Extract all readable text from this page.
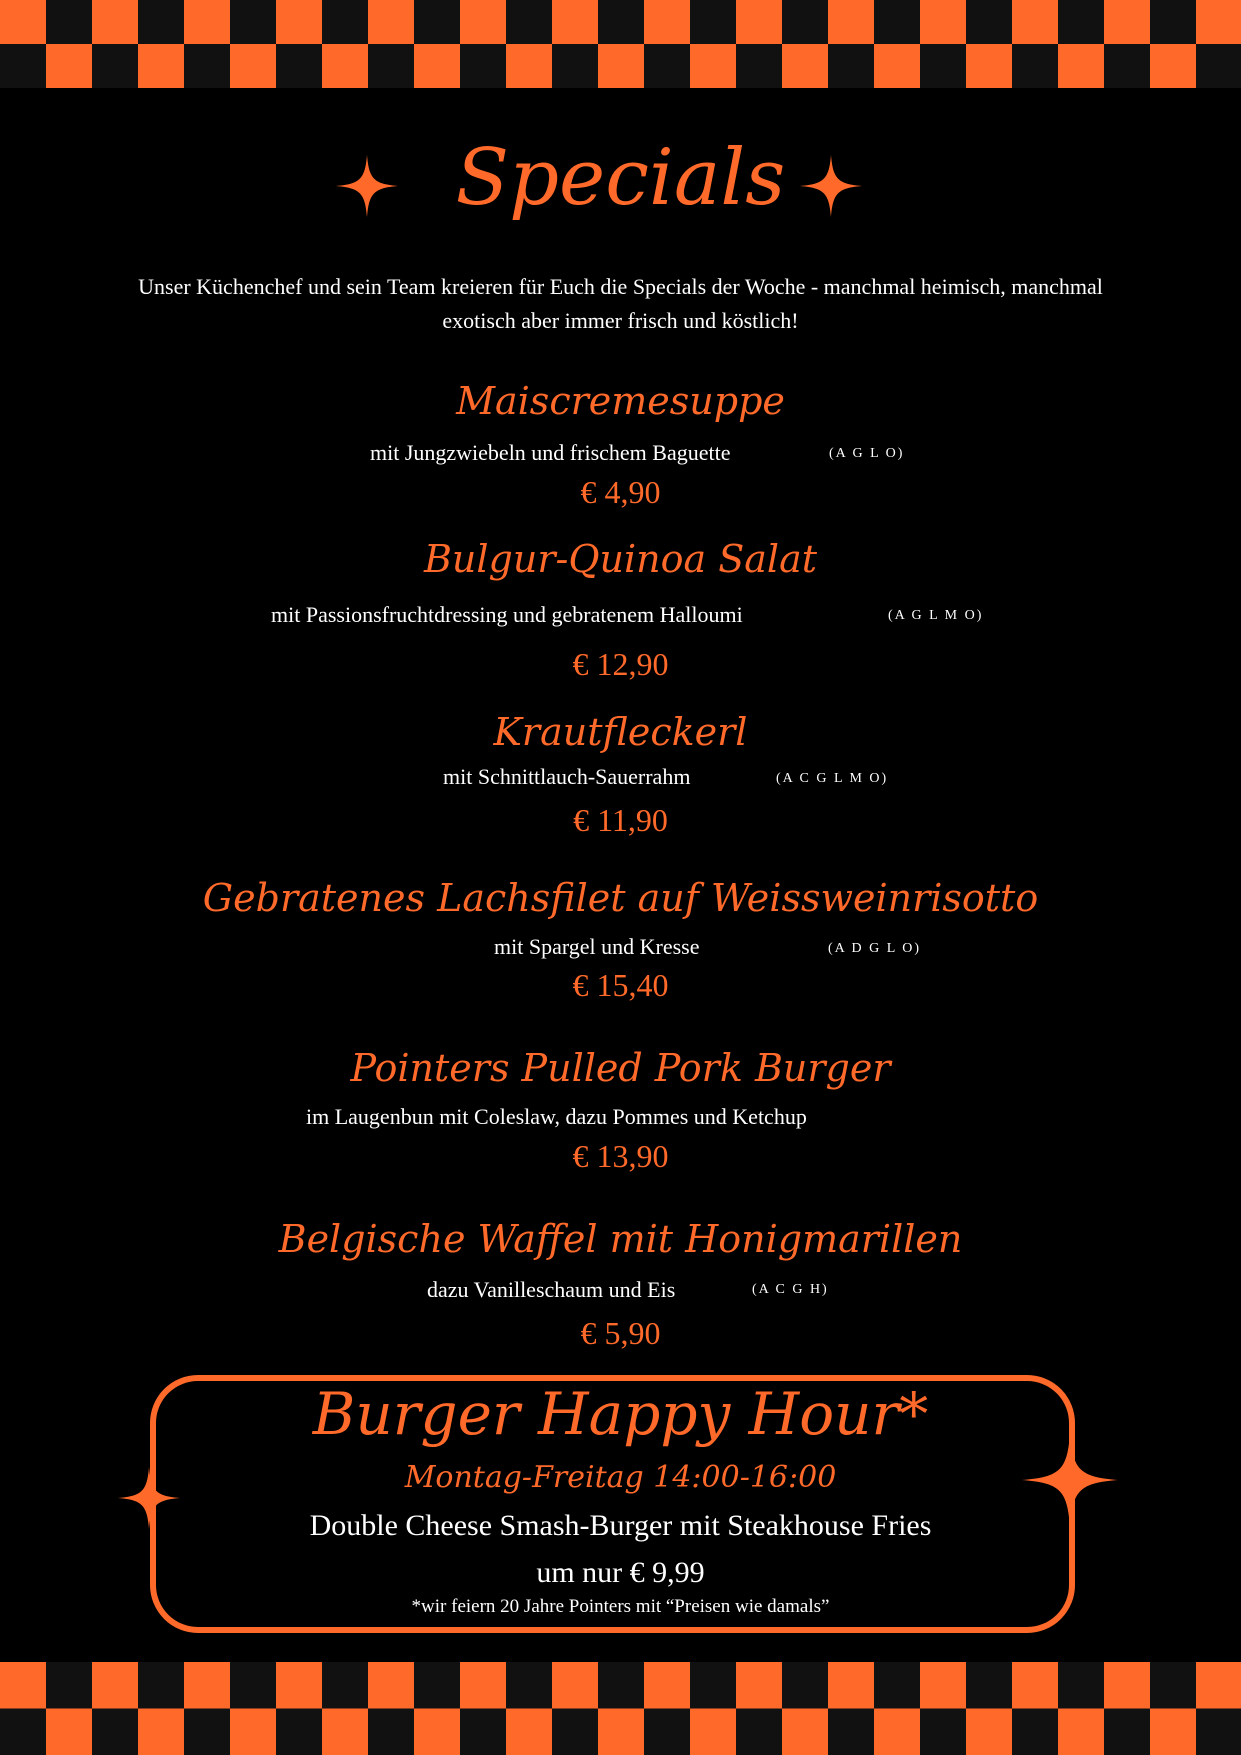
Specials
Unser Küchenchef und sein Team kreieren für Euch die Specials der Woche - manchmal heimisch, manchmal exotisch aber immer frisch und köstlich!
Maiscremesuppe
mit Jungzwiebeln und frischem Baguette	(A G L O)
€ 4,90
Bulgur-Quinoa Salat
mit Passionsfruchtdressing und gebratenem Halloumi	(A G L M O)
€ 12,90
Krautfleckerl
mit Schnittlauch-Sauerrahm	(A C G L M O)
€ 11,90
Gebratenes Lachsfilet auf Weissweinrisotto
mit Spargel und Kresse	(A D G L O)
€ 15,40
Pointers Pulled Pork Burger
im Laugenbun mit Coleslaw, dazu Pommes und Ketchup
€ 13,90
Belgische Waffel mit Honigmarillen
dazu Vanilleschaum und Eis	(A C G H)
€ 5,90
Burger Happy Hour*
Montag-Freitag 14:00-16:00
Double Cheese Smash-Burger mit Steakhouse Fries
um nur € 9,99
*wir feiern 20 Jahre Pointers mit “Preisen wie damals”
